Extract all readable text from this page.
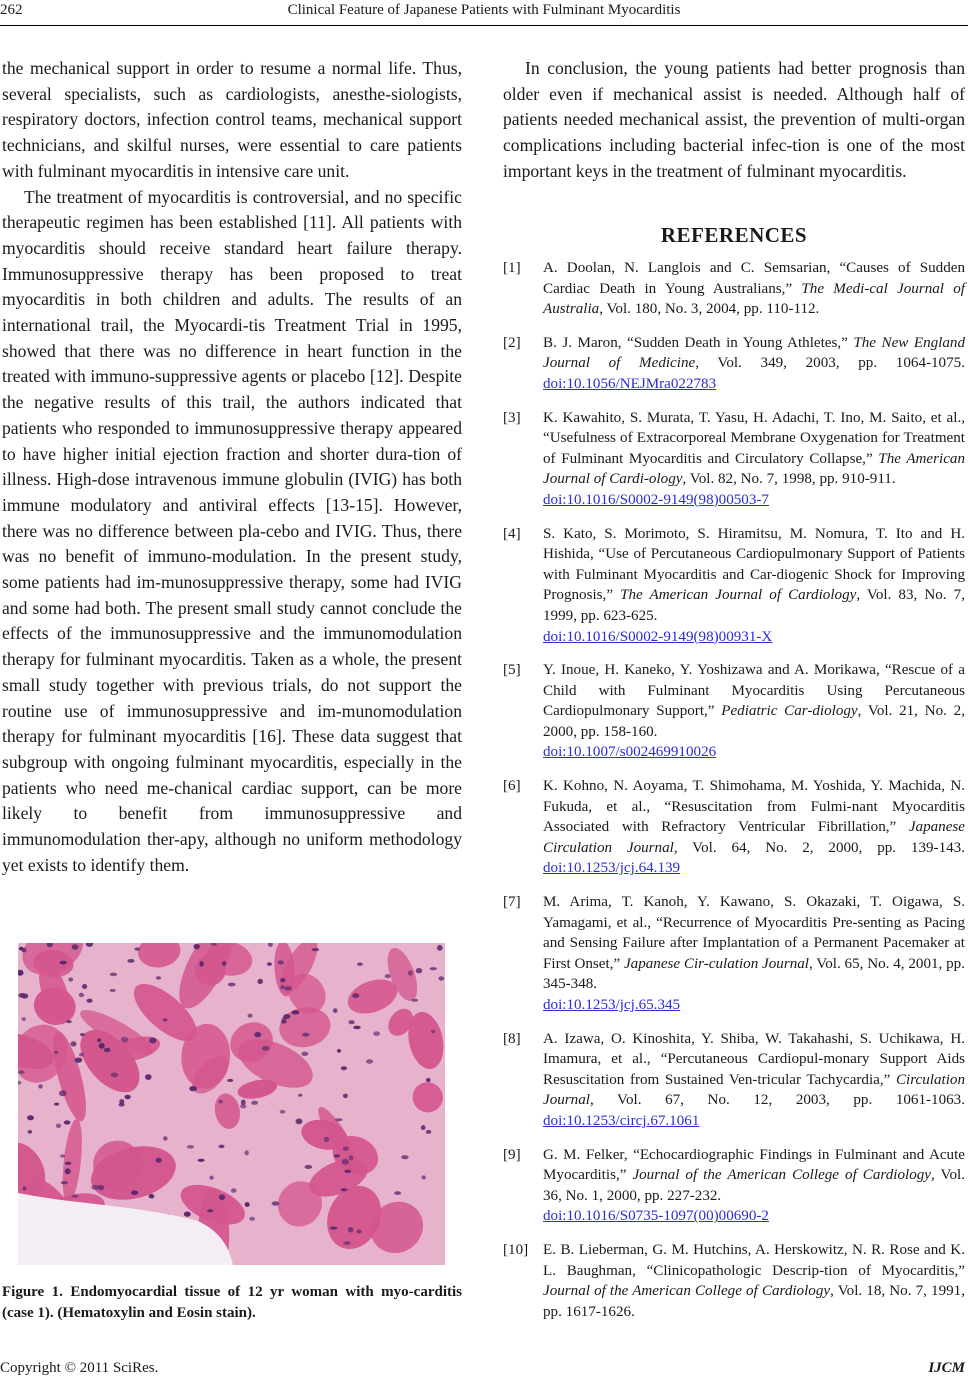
262	Clinical Feature of Japanese Patients with Fulminant Myocarditis

the mechanical support in order to resume a normal life. Thus, several specialists, such as cardiologists, anesthe-siologists, respiratory doctors, infection control teams, mechanical support technicians, and skilful nurses, were essential to care patients with fulminant myocarditis in intensive care unit.

The treatment of myocarditis is controversial, and no specific therapeutic regimen has been established [11]. All patients with myocarditis should receive standard heart failure therapy. Immunosuppressive therapy has been proposed to treat myocarditis in both children and adults. The results of an international trail, the Myocardi-tis Treatment Trial in 1995, showed that there was no difference in heart function in the treated with immuno-suppressive agents or placebo [12]. Despite the negative results of this trail, the authors indicated that patients who responded to immunosuppressive therapy appeared to have higher initial ejection fraction and shorter dura-tion of illness. High-dose intravenous immune globulin (IVIG) has both immune modulatory and antiviral effects [13-15]. However, there was no difference between pla-cebo and IVIG. Thus, there was no benefit of immuno-modulation. In the present study, some patients had im-munosuppressive therapy, some had IVIG and some had both. The present small study cannot conclude the effects of the immunosuppressive and the immunomodulation therapy for fulminant myocarditis. Taken as a whole, the present small study together with previous trials, do not support the routine use of immunosuppressive and im-munomodulation therapy for fulminant myocarditis [16]. These data suggest that subgroup with ongoing fulminant myocarditis, especially in the patients who need me-chanical cardiac support, can be more likely to benefit from immunosuppressive and immunomodulation ther-apy, although no uniform methodology yet exists to identify them.

Figure 1. Endomyocardial tissue of 12 yr woman with myo-carditis (case 1). (Hematoxylin and Eosin stain).

In conclusion, the young patients had better prognosis than older even if mechanical assist is needed. Although half of patients needed mechanical assist, the prevention of multi-organ complications including bacterial infec-tion is one of the most important keys in the treatment of fulminant myocarditis.

REFERENCES
[1] A. Doolan, N. Langlois and C. Semsarian, “Causes of Sudden Cardiac Death in Young Australians,” The Medi-cal Journal of Australia, Vol. 180, No. 3, 2004, pp. 110-112.
[2] B. J. Maron, “Sudden Death in Young Athletes,” The New England Journal of Medicine, Vol. 349, 2003, pp. 1064-1075. doi:10.1056/NEJMra022783
[3] K. Kawahito, S. Murata, T. Yasu, H. Adachi, T. Ino, M. Saito, et al., “Usefulness of Extracorporeal Membrane Oxygenation for Treatment of Fulminant Myocarditis and Circulatory Collapse,” The American Journal of Cardi-ology, Vol. 82, No. 7, 1998, pp. 910-911.
doi:10.1016/S0002-9149(98)00503-7
[4] S. Kato, S. Morimoto, S. Hiramitsu, M. Nomura, T. Ito and H. Hishida, “Use of Percutaneous Cardiopulmonary Support of Patients with Fulminant Myocarditis and Car-diogenic Shock for Improving Prognosis,” The American Journal of Cardiology, Vol. 83, No. 7, 1999, pp. 623-625.
doi:10.1016/S0002-9149(98)00931-X
[5] Y. Inoue, H. Kaneko, Y. Yoshizawa and A. Morikawa, “Rescue of a Child with Fulminant Myocarditis Using Percutaneous Cardiopulmonary Support,” Pediatric Car-diology, Vol. 21, No. 2, 2000, pp. 158-160.
doi:10.1007/s002469910026
[6] K. Kohno, N. Aoyama, T. Shimohama, M. Yoshida, Y. Machida, N. Fukuda, et al., “Resuscitation from Fulmi-nant Myocarditis Associated with Refractory Ventricular Fibrillation,” Japanese Circulation Journal, Vol. 64, No. 2, 2000, pp. 139-143. doi:10.1253/jcj.64.139
[7] M. Arima, T. Kanoh, Y. Kawano, S. Okazaki, T. Oigawa, S. Yamagami, et al., “Recurrence of Myocarditis Pre-senting as Pacing and Sensing Failure after Implantation of a Permanent Pacemaker at First Onset,” Japanese Cir-culation Journal, Vol. 65, No. 4, 2001, pp. 345-348.
doi:10.1253/jcj.65.345
[8] A. Izawa, O. Kinoshita, Y. Shiba, W. Takahashi, S. Uchikawa, H. Imamura, et al., “Percutaneous Cardiopul-monary Support Aids Resuscitation from Sustained Ven-tricular Tachycardia,” Circulation Journal, Vol. 67, No. 12, 2003, pp. 1061-1063. doi:10.1253/circj.67.1061
[9] G. M. Felker, “Echocardiographic Findings in Fulminant and Acute Myocarditis,” Journal of the American College of Cardiology, Vol. 36, No. 1, 2000, pp. 227-232.
doi:10.1016/S0735-1097(00)00690-2
[10] E. B. Lieberman, G. M. Hutchins, A. Herskowitz, N. R. Rose and K. L. Baughman, “Clinicopathologic Descrip-tion of Myocarditis,” Journal of the American College of Cardiology, Vol. 18, No. 7, 1991, pp. 1617-1626.
Copyright © 2011 SciRes.	IJCM
